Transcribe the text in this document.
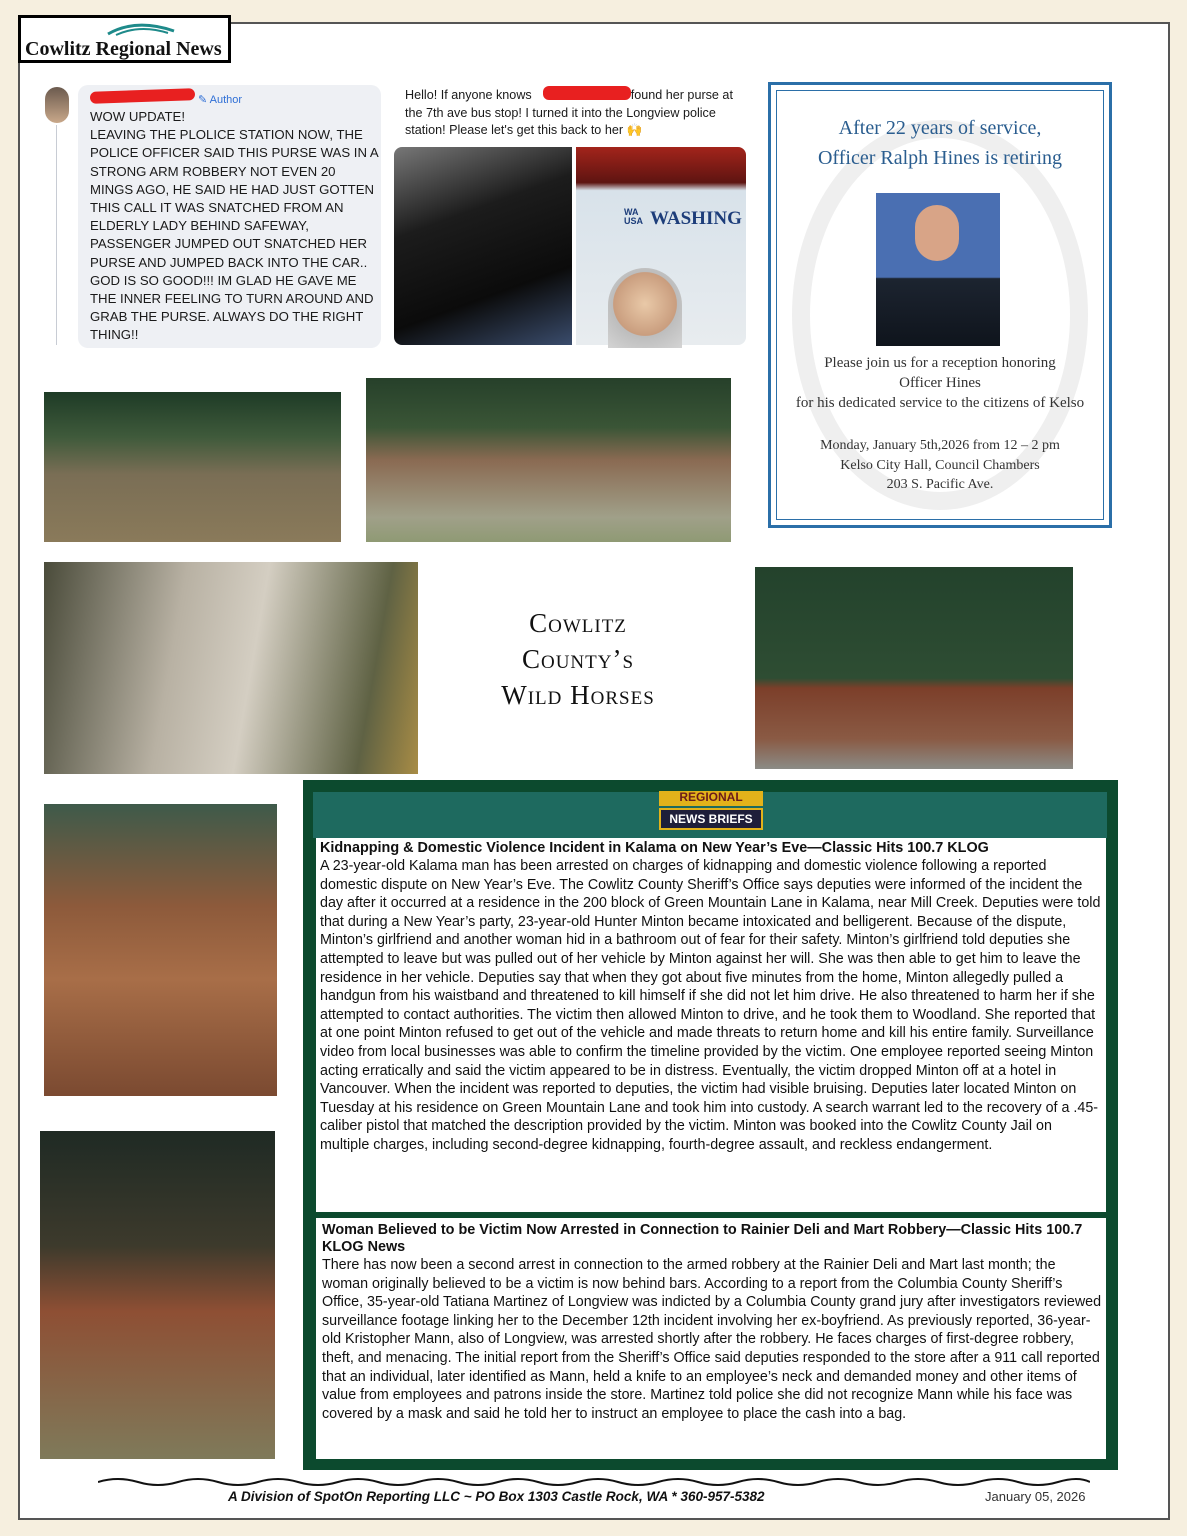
Cowlitz Regional News
✎ Author
WOW UPDATE!
LEAVING THE PLOLICE STATION NOW, THE POLICE OFFICER SAID THIS PURSE WAS IN A STRONG ARM ROBBERY NOT EVEN 20 MINGS AGO, HE SAID HE HAD JUST GOTTEN THIS CALL IT WAS SNATCHED FROM AN ELDERLY LADY BEHIND SAFEWAY, PASSENGER JUMPED OUT SNATCHED HER PURSE AND JUMPED BACK INTO THE CAR..
GOD IS SO GOOD!!! IM GLAD HE GAVE ME THE INNER FEELING TO TURN AROUND AND GRAB THE PURSE. ALWAYS DO THE RIGHT THING!!
Hello! If anyone knows	found her purse at the 7th ave bus stop! I turned it into the Longview police station! Please let's get this back to her 🙌
WA USA WASHING
After 22 years of service,
Officer Ralph Hines is retiring
Please join us for a reception honoring
Officer Hines
for his dedicated service to the citizens of Kelso
Monday, January 5th,2026 from 12 – 2 pm
Kelso City Hall, Council Chambers
203 S. Pacific Ave.
Cowlitz
County’s
Wild Horses
REGIONAL
NEWS BRIEFS
Kidnapping & Domestic Violence Incident in Kalama on New Year’s Eve—Classic Hits 100.7 KLOG
A 23-year-old Kalama man has been arrested on charges of kidnapping and domestic violence following a reported domestic dispute on New Year’s Eve. The Cowlitz County Sheriff’s Office says deputies were informed of the incident the day after it occurred at a residence in the 200 block of Green Mountain Lane in Kalama, near Mill Creek. Deputies were told that during a New Year’s party, 23-year-old Hunter Minton became intoxicated and belligerent. Because of the dispute, Minton’s girlfriend and another woman hid in a bathroom out of fear for their safety. Minton’s girlfriend told deputies she attempted to leave but was pulled out of her vehicle by Minton against her will. She was then able to get him to leave the residence in her vehicle. Deputies say that when they got about five minutes from the home, Minton allegedly pulled a handgun from his waistband and threatened to kill himself if she did not let him drive. He also threatened to harm her if she attempted to contact authorities. The victim then allowed Minton to drive, and he took them to Woodland. She reported that at one point Minton refused to get out of the vehicle and made threats to return home and kill his entire family. Surveillance video from local businesses was able to confirm the timeline provided by the victim. One employee reported seeing Minton acting erratically and said the victim appeared to be in distress. Eventually, the victim dropped Minton off at a hotel in Vancouver. When the incident was reported to deputies, the victim had visible bruising. Deputies later located Minton on Tuesday at his residence on Green Mountain Lane and took him into custody. A search warrant led to the recovery of a .45-caliber pistol that matched the description provided by the victim. Minton was booked into the Cowlitz County Jail on multiple charges, including second-degree kidnapping, fourth-degree assault, and reckless endangerment.
Woman Believed to be Victim Now Arrested in Connection to Rainier Deli and Mart Robbery—Classic Hits 100.7 KLOG News
There has now been a second arrest in connection to the armed robbery at the Rainier Deli and Mart last month; the woman originally believed to be a victim is now behind bars. According to a report from the Columbia County Sheriff’s Office, 35-year-old Tatiana Martinez of Longview was indicted by a Columbia County grand jury after investigators reviewed surveillance footage linking her to the December 12th incident involving her ex-boyfriend. As previously reported, 36-year-old Kristopher Mann, also of Longview, was arrested shortly after the robbery. He faces charges of first-degree robbery, theft, and menacing. The initial report from the Sheriff’s Office said deputies responded to the store after a 911 call reported that an individual, later identified as Mann, held a knife to an employee’s neck and demanded money and other items of value from employees and patrons inside the store. Martinez told police she did not recognize Mann while his face was covered by a mask and said he told her to instruct an employee to place the cash into a bag.
A Division of SpotOn Reporting LLC ~ PO Box 1303 Castle Rock, WA * 360-957-5382	January 05, 2026
